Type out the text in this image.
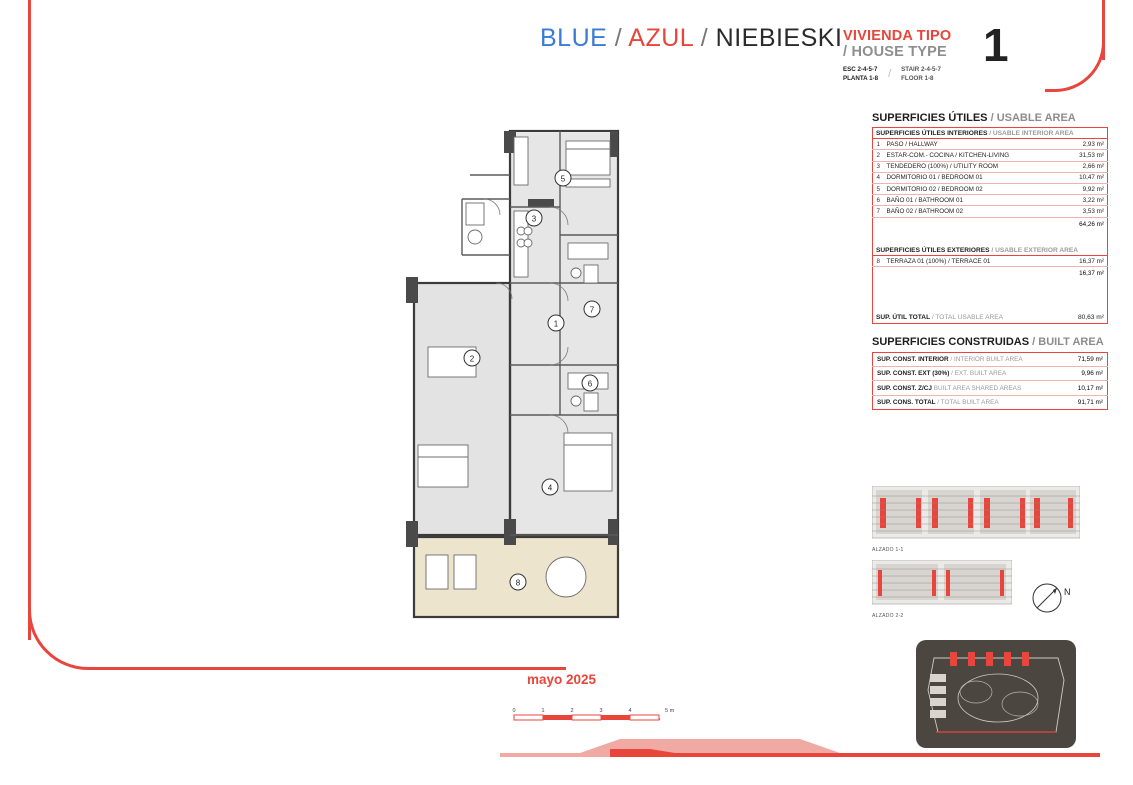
BLUE / AZUL / NIEBIESKI VIVIENDA TIPO
/ HOUSE TYPE
ESC 2-4-5-7
PLANTA 1-8 / STAIR 2-4-5-7
FLOOR 1-8
1
SUPERFICIES ÚTILES / USABLE AREA
SUPERFICIES ÚTILES INTERIORES / USABLE INTERIOR AREA		
1	PASO / HALLWAY	2,93 m²
2	ESTAR-COM.- COCINA / KITCHEN-LIVING	31,53 m²
3	TENDEDERO (100%) / UTILITY ROOM	2,66 m²
4	DORMITORIO 01 / BEDROOM 01	10,47 m²
5	DORMITORIO 02 / BEDROOM 02	9,92 m²
6	BAÑO 01 / BATHROOM 01	3,22 m²
7	BAÑO 02 / BATHROOM 02	3,53 m²
64,26 m²		

SUPERFICIES ÚTILES EXTERIORES / USABLE EXTERIOR AREA		
8	TERRAZA 01 (100%) / TERRACE 01	16,37 m²
16,37 m²		

SUP. ÚTIL TOTAL / TOTAL USABLE AREA		80,63 m²
SUPERFICIES CONSTRUIDAS / BUILT AREA
SUP. CONST. INTERIOR / INTERIOR BUILT AREA	71,59 m²
SUP. CONST. EXT (30%) / EXT. BUILT AREA	9,96 m²
SUP. CONST. Z/CJ BUILT AREA SHARED AREAS	10,17 m²
SUP. CONS. TOTAL / TOTAL BUILT AREA	91,71 m²
1
2
3
4
5
6
7
8
mayo 2025
0	1	2	3	4	5 m
ALZADO 1-1
ALZADO 2-2
N
